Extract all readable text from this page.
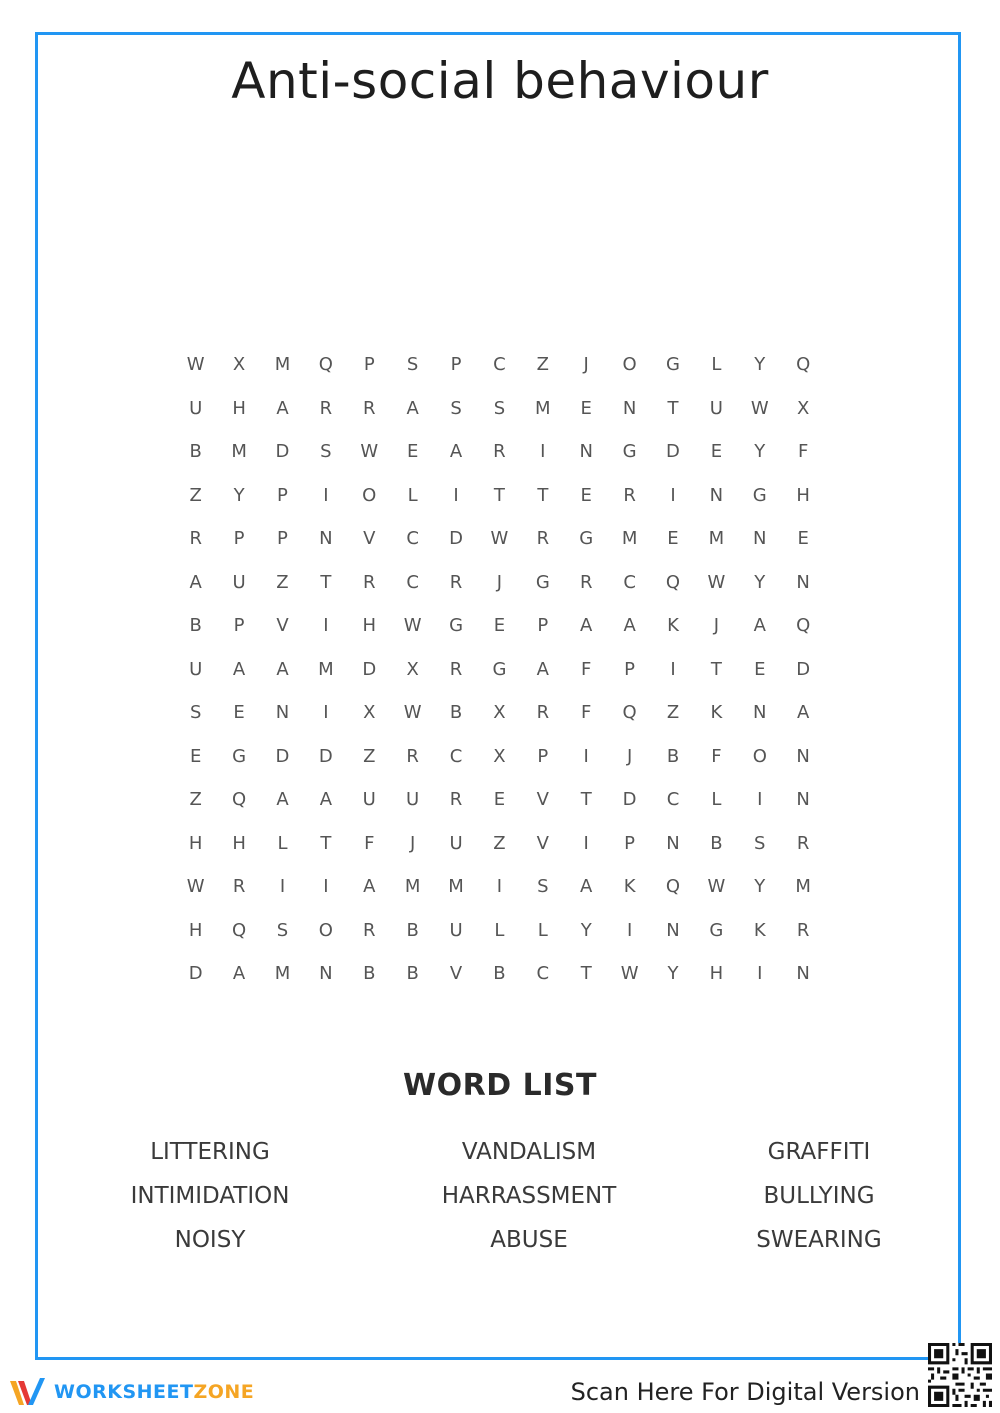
Anti-social behaviour
W	X	M	Q	P	S	P	C	Z	J	O	G	L	Y	Q
U	H	A	R	R	A	S	S	M	E	N	T	U	W	X
B	M	D	S	W	E	A	R	I	N	G	D	E	Y	F
Z	Y	P	I	O	L	I	T	T	E	R	I	N	G	H
R	P	P	N	V	C	D	W	R	G	M	E	M	N	E
A	U	Z	T	R	C	R	J	G	R	C	Q	W	Y	N
B	P	V	I	H	W	G	E	P	A	A	K	J	A	Q
U	A	A	M	D	X	R	G	A	F	P	I	T	E	D
S	E	N	I	X	W	B	X	R	F	Q	Z	K	N	A
E	G	D	D	Z	R	C	X	P	I	J	B	F	O	N
Z	Q	A	A	U	U	R	E	V	T	D	C	L	I	N
H	H	L	T	F	J	U	Z	V	I	P	N	B	S	R
W	R	I	I	A	M	M	I	S	A	K	Q	W	Y	M
H	Q	S	O	R	B	U	L	L	Y	I	N	G	K	R
D	A	M	N	B	B	V	B	C	T	W	Y	H	I	N
WORD LIST
LITTERING	VANDALISM	GRAFFITI
INTIMIDATION	HARRASSMENT	BULLYING
NOISY	ABUSE	SWEARING
WORKSHEETZONE	Scan Here For Digital Version
